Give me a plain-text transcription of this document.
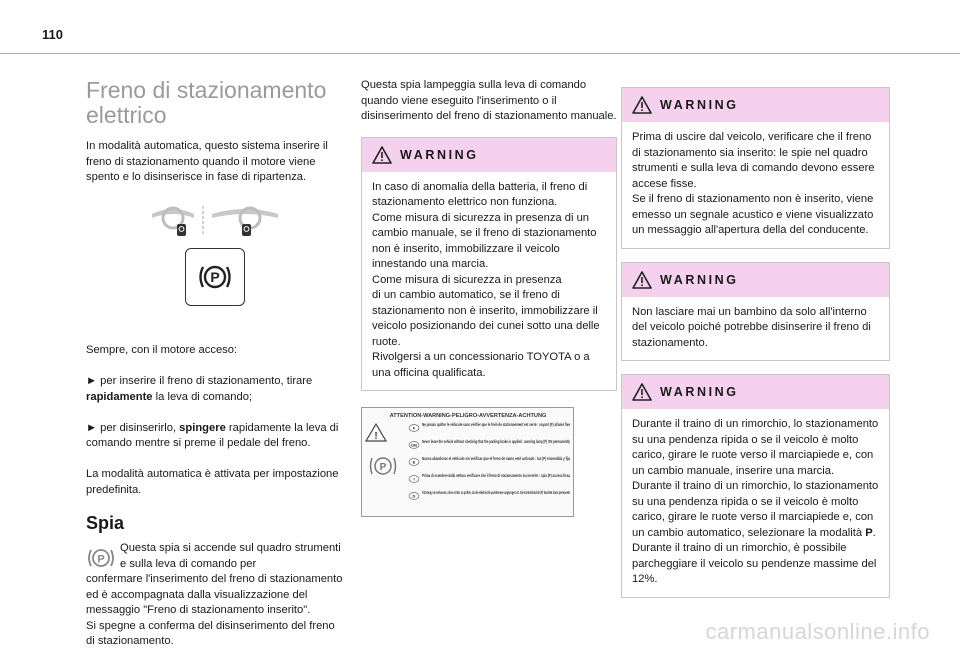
110
Freno di stazionamento
elettrico

In modalità automatica, questo sistema inserire il freno di stazionamento quando il motore viene spento e lo disinserisce in fase di ripartenza.

P

Sempre, con il motore acceso:

► per inserire il freno di stazionamento, tirare rapidamente la leva di comando;

► per disinserirlo, spingere rapidamente la leva di comando mentre si preme il pedale del freno.

La modalità automatica è attivata per impostazione predefinita.

Spia
P

Questa spia si accende sul quadro strumenti e sulla leva di comando per

confermare l'inserimento del freno di stazionamento ed è accompagnata dalla visualizzazione del messaggio "Freno di stazionamento inserito".
Si spegne a conferma del disinserimento del freno di stazionamento.

Questa spia lampeggia sulla leva di comando quando viene eseguito l'inserimento o il disinserimento del freno di stazionamento manuale.

WARNING

In caso di anomalia della batteria, il freno di stazionamento elettrico non funziona.
Come misura di sicurezza in presenza di un cambio manuale, se il freno di stazionamento non è inserito, immobilizzare il veicolo innestando una marcia.
Come misura di sicurezza in presenza
di un cambio automatico, se il freno di stazionamento non è inserito, immobilizzare il veicolo posizionando dei cunei sotto una delle ruote.
Rivolgersi a un concessionario TOYOTA o a una officina qualificata.

ATTENTION-WARNING-PELIGRO-AVVERTENZA-ACHTUNG
!
P
F
Ne jamais quitter le véhicule sans vérifier que le frein de stationnement est serré : voyant (P) allumé fixe
GB
Never leave the vehicle without checking that the parking brake is applied : warning lamp (P) ON permanently
E
Nunca abandonar el vehículo sin verificar que el freno de mano esté activado : luz (P) encendida y fija
I
Prima di scendere dalla vettura verificare che il freno di stazionamento sia inserito : spia (P) accesa fissa
D
Fahrzeug nie verlassen, ohne vorher zu prüfen, ob die elektrische parkbremse angezogen ist. Die Kontrolleuchte (P) leuchtet dann permanent
WARNING

Prima di uscire dal veicolo, verificare che il freno di stazionamento sia inserito: le spie nel quadro strumenti e sulla leva di comando devono essere accese fisse.
Se il freno di stazionamento non è inserito, viene emesso un segnale acustico e viene visualizzato un messaggio all'apertura della del conducente.

WARNING

Non lasciare mai un bambino da solo all'interno del veicolo poiché potrebbe disinserire il freno di stazionamento.

WARNING

Durante il traino di un rimorchio, lo stazionamento su una pendenza ripida o se il veicolo è molto carico, girare le ruote verso il marciapiede e, con un cambio manuale, inserire una marcia.
Durante il traino di un rimorchio, lo stazionamento su una pendenza ripida o se il veicolo è molto carico, girare le ruote verso il marciapiede e, con un cambio automatico, selezionare la modalità P.
Durante il traino di un rimorchio, è possibile parcheggiare il veicolo su pendenze massime del 12%.

carmanualsonline.info
